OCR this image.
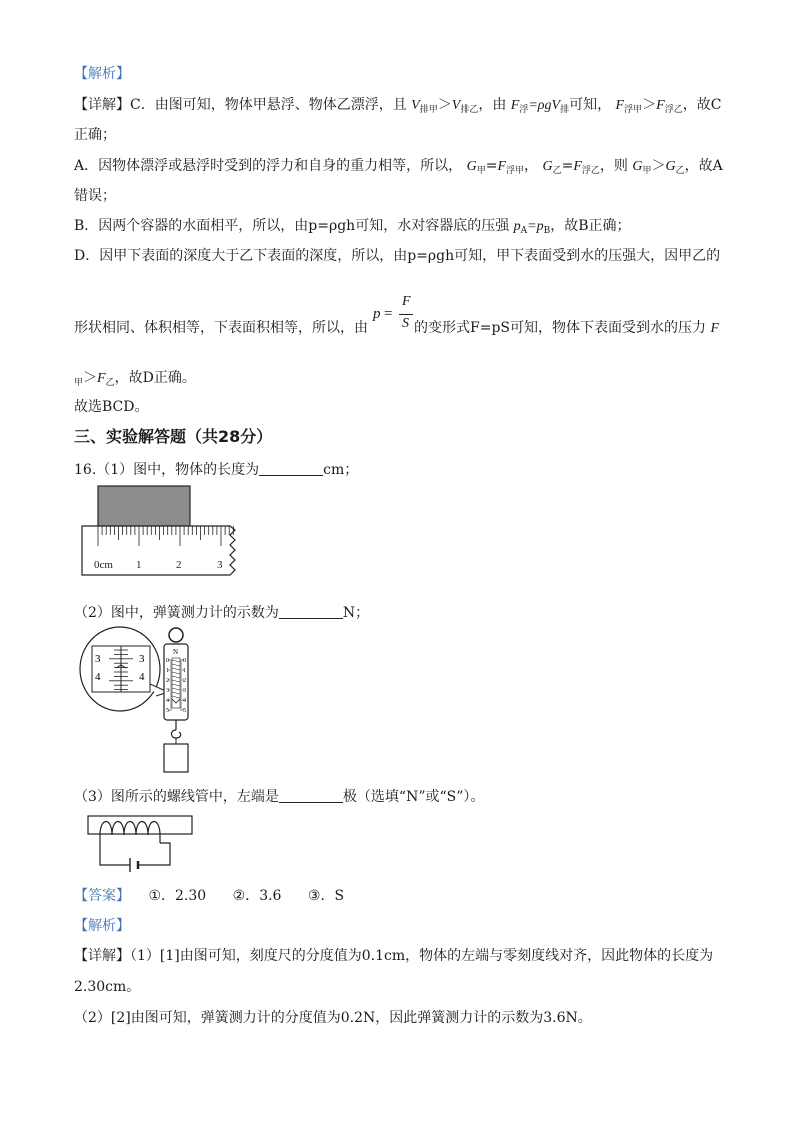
【解析】
【详解】C．由图可知，物体甲悬浮、物体乙漂浮，且 $V_{排甲}>V_{排乙}$，由 $F_浮=\rho gV_排$可知， $F_{浮甲}>F_{浮乙}$，故C
正确；
A．因物体漂浮或悬浮时受到的浮力和自身的重力相等，所以， $G_甲=F_{浮甲}$， $G_乙=F_{浮乙}$，则 $G_甲>G_乙$，故A
错误；
B．因两个容器的水面相平，所以，由p=ρgh可知，水对容器底的压强 $p_A=p_B$，故B正确；
D．因甲下表面的深度大于乙下表面的深度，所以，由p=ρgh可知，甲下表面受到水的压强大，因甲乙的
形状相同、体积相等，下表面积相等，所以，由	的变形式F=pS可知，物体下表面受到水的压力 F
p =
F
S
$_甲>F_乙$，故D正确。
故选BCD。
三、实验解答题（共28分）
16.（1）图中，物体的长度为	cm；
0cm 1	2	3
（2）图中，弹簧测力计的示数为	N；
3
4
3
4
N
0 0
1 1
2 2
3 3
4 4
5 5
（3）图所示的螺线管中，左端是	极（选填“N”或“S”）。
【答案】 ①．2.30 ②．3.6 ③．S
【解析】
【详解】（1）[1]由图可知，刻度尺的分度值为0.1cm，物体的左端与零刻度线对齐，因此物体的长度为
2.30cm。
（2）[2]由图可知，弹簧测力计的分度值为0.2N，因此弹簧测力计的示数为3.6N。
